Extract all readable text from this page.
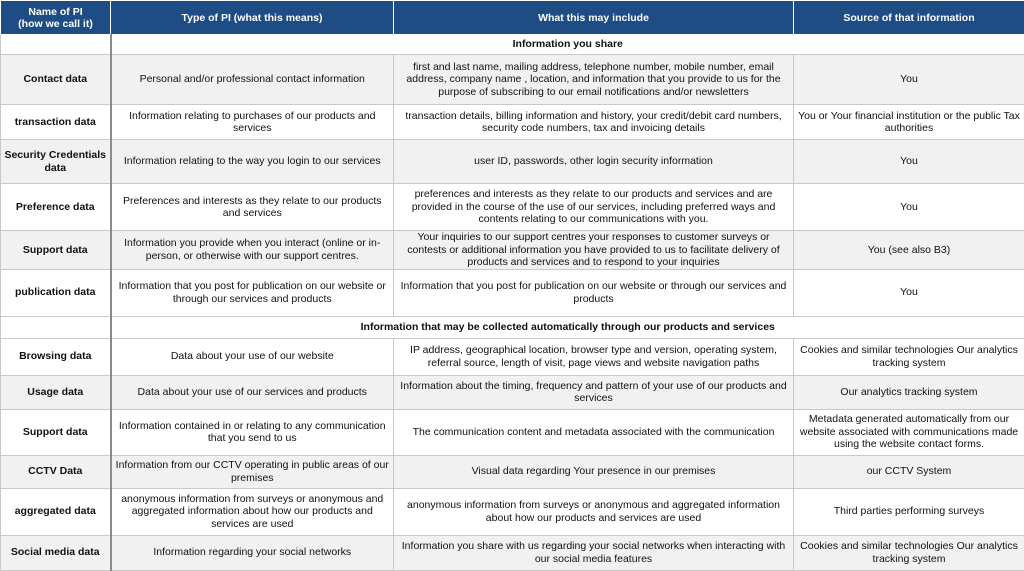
Name of PI
(how we call it)	Type of PI (what this means)	What this may include	Source of that information
	Information you share		
Contact data	Personal and/or professional contact information	first and last name, mailing address, telephone number, mobile number, email address, company name , location, and information that you provide to us for the purpose of subscribing to our email notifications and/or newsletters	You
transaction data	Information relating to purchases of our products and services	transaction details, billing information and history, your credit/debit card numbers, security code numbers, tax and invoicing details	You or Your financial institution or the public Tax authorities
Security Credentials data	Information relating to the way you login to our services	user ID, passwords, other login security information	You
Preference data	Preferences and interests as they relate to our products and services	preferences and interests as they relate to our products and services and are provided in the course of the use of our services, including preferred ways and contents relating to our communications with you.	You
Support data	Information you provide when you interact (online or in-person, or otherwise with our support centres.	Your inquiries to our support centres your responses to customer surveys or contests or additional information you have provided to us to facilitate delivery of products and services and to respond to your inquiries	You (see also B3)
publication data	Information that you post for publication on our website or through our services and products	Information that you post for publication on our website or through our services and products	You
	Information that may be collected automatically through our products and services		
Browsing data	Data about your use of our website	IP address, geographical location, browser type and version, operating system, referral source, length of visit, page views and website navigation paths	Cookies and similar technologies Our analytics tracking system
Usage data	Data about your use of our services and products	Information about the timing, frequency and pattern of your use of our products and services	Our analytics tracking system
Support data	Information contained in or relating to any communication that you send to us	The communication content and metadata associated with the communication	Metadata generated automatically from our website associated with communications made using the website contact forms.
CCTV Data	Information from our CCTV operating in public areas of our premises	Visual data regarding Your presence in our premises	our CCTV System
aggregated data	anonymous information from surveys or anonymous and aggregated information about how our products and services are used	anonymous information from surveys or anonymous and aggregated information about how our products and services are used	Third parties performing surveys
Social media data	Information regarding your social networks	Information you share with us regarding your social networks when interacting with our social media features	Cookies and similar technologies Our analytics tracking system
